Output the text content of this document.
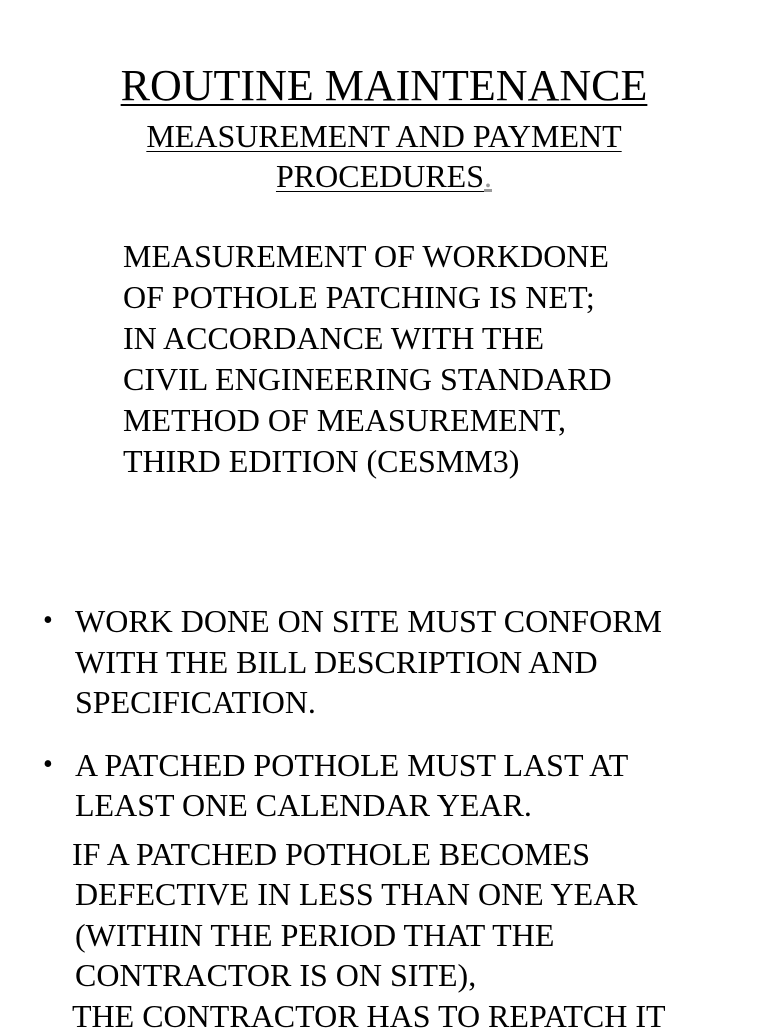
ROUTINE MAINTENANCE
MEASUREMENT AND PAYMENT
PROCEDURES.
MEASUREMENT OF WORKDONE
OF POTHOLE PATCHING IS NET;
IN ACCORDANCE WITH THE
CIVIL ENGINEERING STANDARD
METHOD OF MEASUREMENT,
THIRD EDITION (CESMM3)
• WORK DONE ON SITE MUST CONFORM
WITH THE BILL DESCRIPTION AND
SPECIFICATION.
• A PATCHED POTHOLE MUST LAST AT
LEAST ONE CALENDAR YEAR.
IF A PATCHED POTHOLE BECOMES
DEFECTIVE IN LESS THAN ONE YEAR
(WITHIN THE PERIOD THAT THE
CONTRACTOR IS ON SITE),
THE CONTRACTOR HAS TO REPATCH IT
